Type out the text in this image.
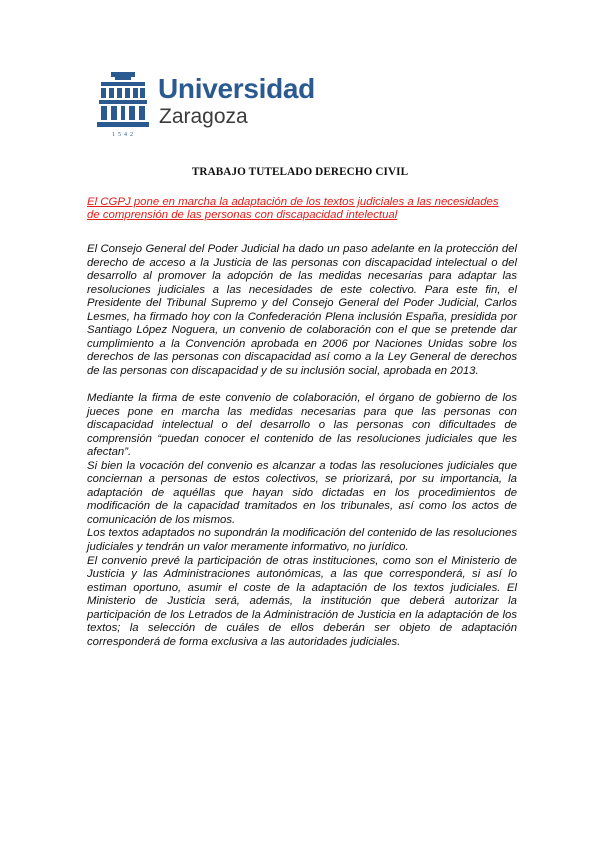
1542
Universidad
Zaragoza
TRABAJO TUTELADO DERECHO CIVIL
El CGPJ pone en marcha la adaptación de los textos judiciales a las necesidades de comprensión de las personas con discapacidad intelectual

El Consejo General del Poder Judicial ha dado un paso adelante en la protección del derecho de acceso a la Justicia de las personas con discapacidad intelectual o del desarrollo al promover la adopción de las medidas necesarias para adaptar las resoluciones judiciales a las necesidades de este colectivo. Para este fin, el Presidente del Tribunal Supremo y del Consejo General del Poder Judicial, Carlos Lesmes, ha firmado hoy con la Confederación Plena inclusión España, presidida por Santiago López Noguera, un convenio de colaboración con el que se pretende dar cumplimiento a la Convención aprobada en 2006 por Naciones Unidas sobre los derechos de las personas con discapacidad así como a la Ley General de derechos de las personas con discapacidad y de su inclusión social, aprobada en 2013.

Mediante la firma de este convenio de colaboración, el órgano de gobierno de los jueces pone en marcha las medidas necesarias para que las personas con discapacidad intelectual o del desarrollo o las personas con dificultades de comprensión “puedan conocer el contenido de las resoluciones judiciales que les afectan”.

Si bien la vocación del convenio es alcanzar a todas las resoluciones judiciales que conciernan a personas de estos colectivos, se priorizará, por su importancia, la adaptación de aquéllas que hayan sido dictadas en los procedimientos de modificación de la capacidad tramitados en los tribunales, así como los actos de comunicación de los mismos.

Los textos adaptados no supondrán la modificación del contenido de las resoluciones judiciales y tendrán un valor meramente informativo, no jurídico.

El convenio prevé la participación de otras instituciones, como son el Ministerio de Justicia y las Administraciones autonómicas, a las que corresponderá, si así lo estiman oportuno, asumir el coste de la adaptación de los textos judiciales. El Ministerio de Justicia será, además, la institución que deberá autorizar la participación de los Letrados de la Administración de Justicia en la adaptación de los textos; la selección de cuáles de ellos deberán ser objeto de adaptación corresponderá de forma exclusiva a las autoridades judiciales.
